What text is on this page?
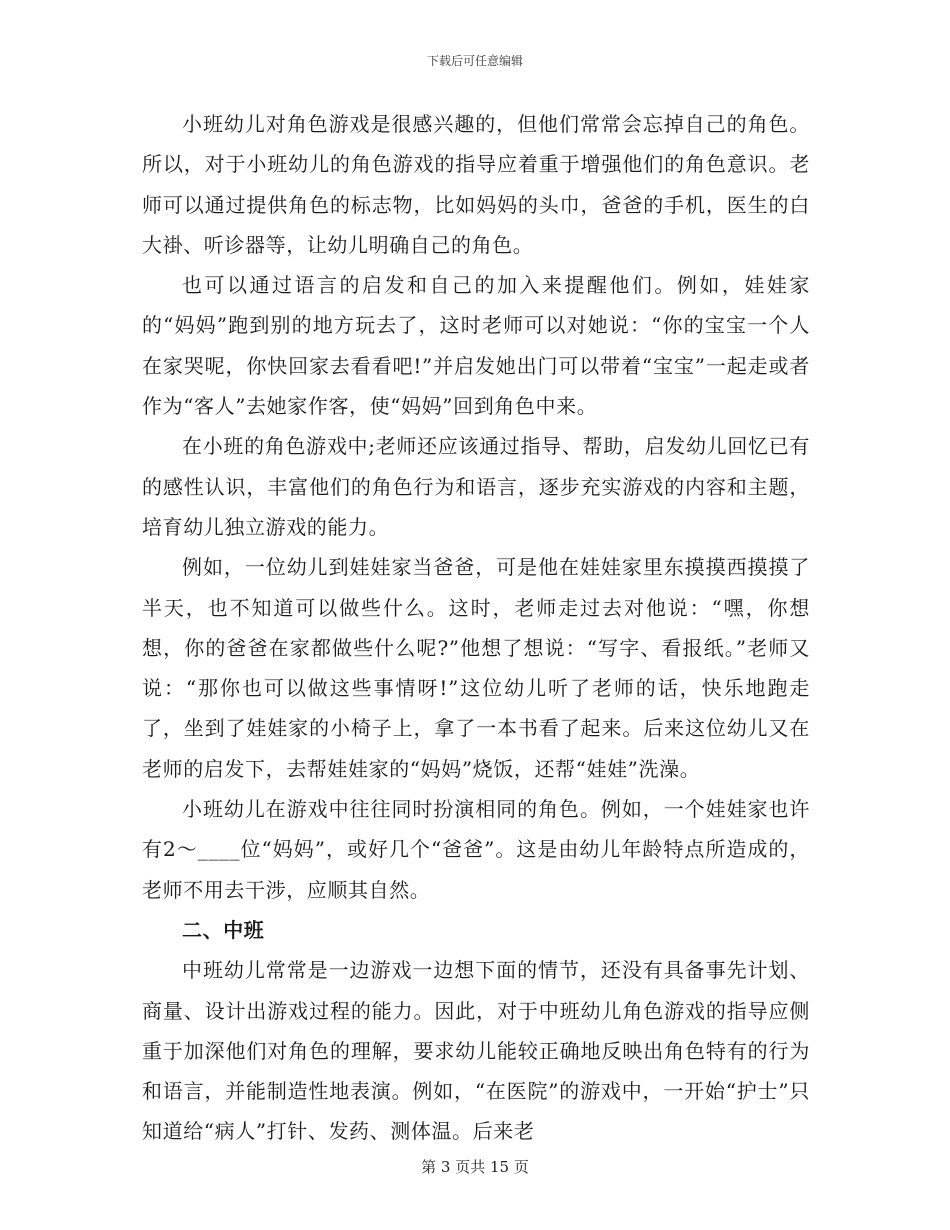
下载后可任意编辑

小班幼儿对角色游戏是很感兴趣的，但他们常常会忘掉自己的角色。所以，对于小班幼儿的角色游戏的指导应着重于增强他们的角色意识。老师可以通过提供角色的标志物，比如妈妈的头巾，爸爸的手机，医生的白大褂、听诊器等，让幼儿明确自己的角色。

也可以通过语言的启发和自己的加入来提醒他们。例如，娃娃家的“妈妈”跑到别的地方玩去了，这时老师可以对她说：“你的宝宝一个人在家哭呢，你快回家去看看吧!”并启发她出门可以带着“宝宝”一起走或者作为“客人”去她家作客，使“妈妈”回到角色中来。

在小班的角色游戏中;老师还应该通过指导、帮助，启发幼儿回忆已有的感性认识，丰富他们的角色行为和语言，逐步充实游戏的内容和主题，培育幼儿独立游戏的能力。

例如，一位幼儿到娃娃家当爸爸，可是他在娃娃家里东摸摸西摸摸了半天，也不知道可以做些什么。这时，老师走过去对他说：“嘿，你想想，你的爸爸在家都做些什么呢?”他想了想说：“写字、看报纸。”老师又说：“那你也可以做这些事情呀!”这位幼儿听了老师的话，快乐地跑走了，坐到了娃娃家的小椅子上，拿了一本书看了起来。后来这位幼儿又在老师的启发下，去帮娃娃家的“妈妈”烧饭，还帮“娃娃”洗澡。

小班幼儿在游戏中往往同时扮演相同的角色。例如，一个娃娃家也许有2～____位“妈妈”，或好几个“爸爸”。这是由幼儿年龄特点所造成的，老师不用去干涉，应顺其自然。

二、中班

中班幼儿常常是一边游戏一边想下面的情节，还没有具备事先计划、商量、设计出游戏过程的能力。因此，对于中班幼儿角色游戏的指导应侧重于加深他们对角色的理解，要求幼儿能较正确地反映出角色特有的行为和语言，并能制造性地表演。例如，“在医院”的游戏中，一开始“护士”只知道给“病人”打针、发药、测体温。后来老

第 3 页共 15 页
